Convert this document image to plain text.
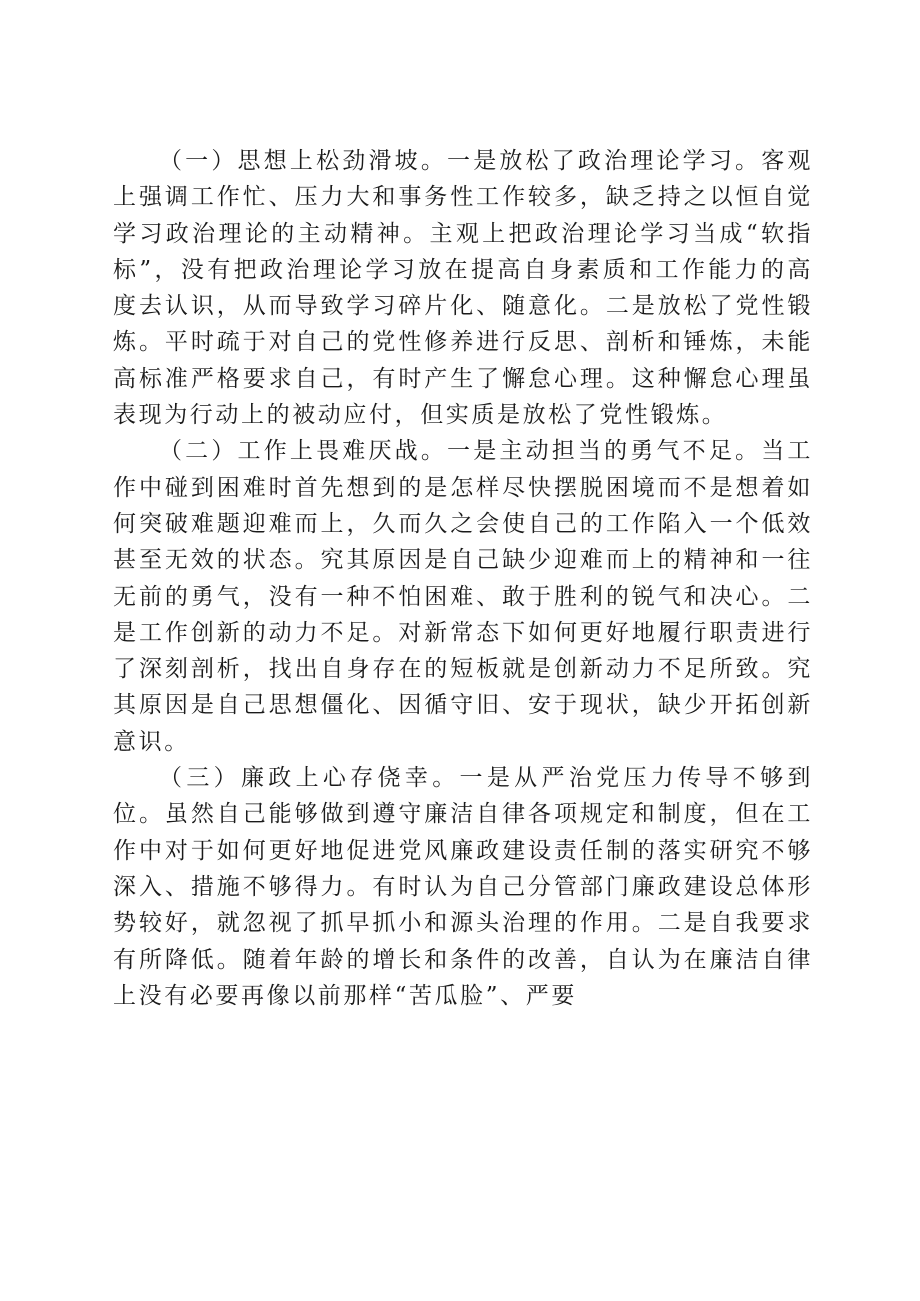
（一）思想上松劲滑坡。一是放松了政治理论学习。客观上强调工作忙、压力大和事务性工作较多，缺乏持之以恒自觉学习政治理论的主动精神。主观上把政治理论学习当成“软指标”，没有把政治理论学习放在提高自身素质和工作能力的高度去认识，从而导致学习碎片化、随意化。二是放松了党性锻炼。平时疏于对自己的党性修养进行反思、剖析和锤炼，未能高标准严格要求自己，有时产生了懈怠心理。这种懈怠心理虽表现为行动上的被动应付，但实质是放松了党性锻炼。

（二）工作上畏难厌战。一是主动担当的勇气不足。当工作中碰到困难时首先想到的是怎样尽快摆脱困境而不是想着如何突破难题迎难而上，久而久之会使自己的工作陷入一个低效甚至无效的状态。究其原因是自己缺少迎难而上的精神和一往无前的勇气，没有一种不怕困难、敢于胜利的锐气和决心。二是工作创新的动力不足。对新常态下如何更好地履行职责进行了深刻剖析，找出自身存在的短板就是创新动力不足所致。究其原因是自己思想僵化、因循守旧、安于现状，缺少开拓创新意识。

（三）廉政上心存侥幸。一是从严治党压力传导不够到位。虽然自己能够做到遵守廉洁自律各项规定和制度，但在工作中对于如何更好地促进党风廉政建设责任制的落实研究不够深入、措施不够得力。有时认为自己分管部门廉政建设总体形势较好，就忽视了抓早抓小和源头治理的作用。二是自我要求有所降低。随着年龄的增长和条件的改善，自认为在廉洁自律上没有必要再像以前那样“苦瓜脸”、严要
